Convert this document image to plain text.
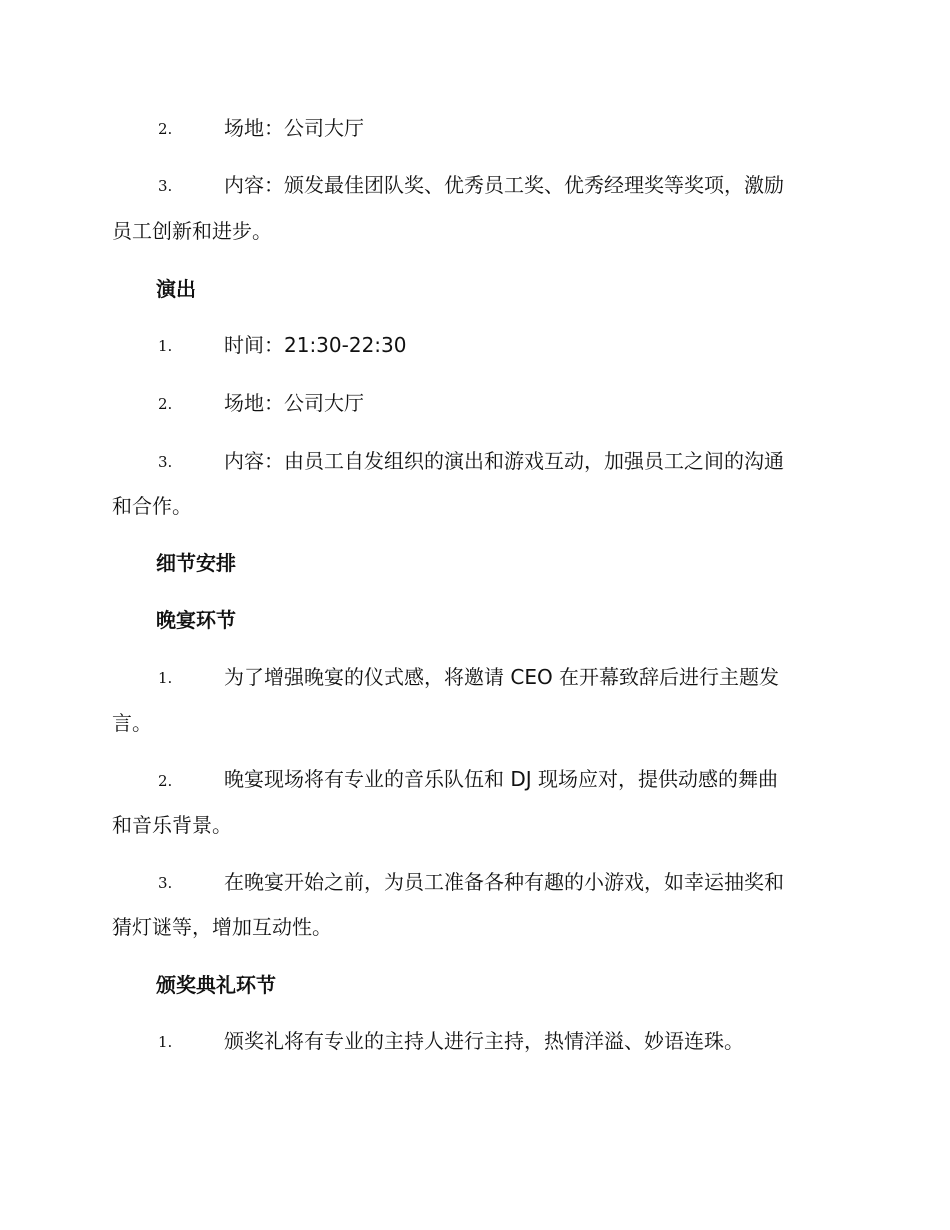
2.	场地：公司大厅
3.	内容：颁发最佳团队奖、优秀员工奖、优秀经理奖等奖项，激励
员工创新和进步。
演出
1.	时间：21:30-22:30
2.	场地：公司大厅
3.	内容：由员工自发组织的演出和游戏互动，加强员工之间的沟通
和合作。
细节安排
晚宴环节
1.	为了增强晚宴的仪式感，将邀请 CEO 在开幕致辞后进行主题发
言。
2.	晚宴现场将有专业的音乐队伍和 DJ 现场应对，提供动感的舞曲
和音乐背景。
3.	在晚宴开始之前，为员工准备各种有趣的小游戏，如幸运抽奖和
猜灯谜等，增加互动性。
颁奖典礼环节
1.	颁奖礼将有专业的主持人进行主持，热情洋溢、妙语连珠。
